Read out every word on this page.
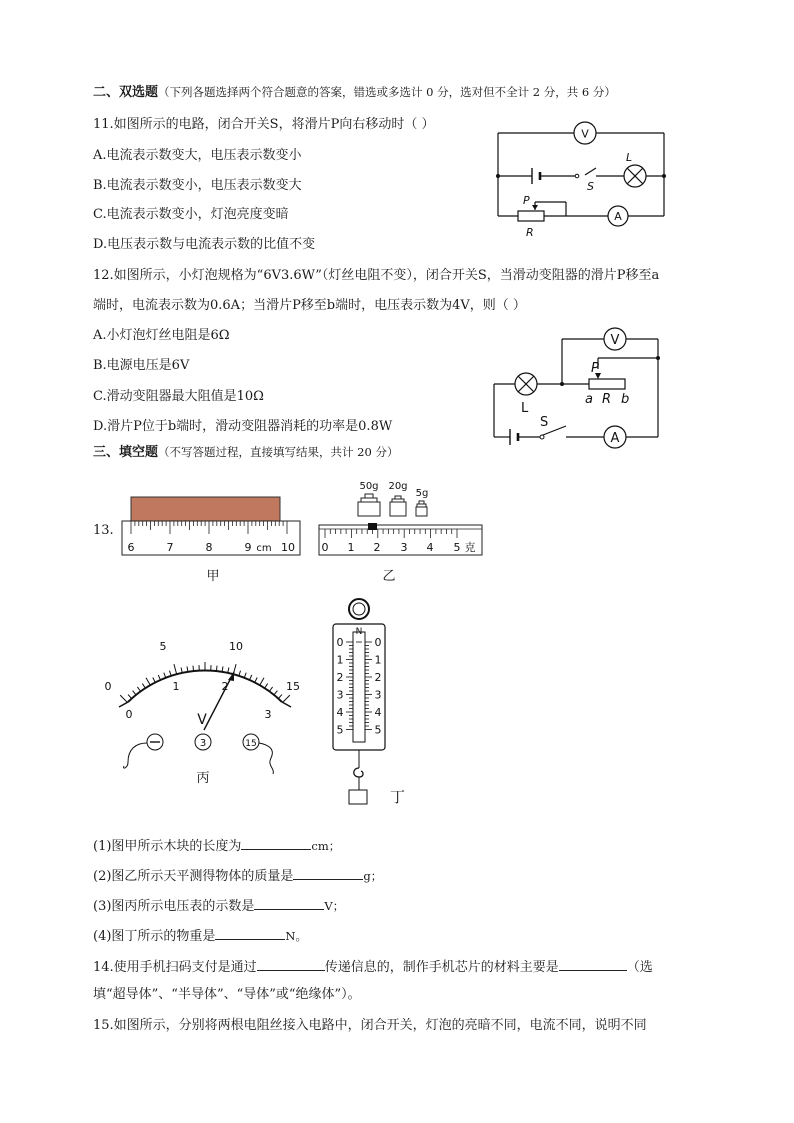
二、双选题（下列各题选择两个符合题意的答案，错选或多选计 0 分，选对但不全计 2 分，共 6 分）
11.如图所示的电路，闭合开关S，将滑片P向右移动时（ ）
A.电流表示数变大，电压表示数变小
B.电流表示数变小，电压表示数变大
C.电流表示数变小，灯泡亮度变暗
D.电压表示数与电流表示数的比值不变
V
A
S
L
P
R
12.如图所示，小灯泡规格为“6V3.6W”（灯丝电阻不变），闭合开关S，当滑动变阻器的滑片P移至a
端时，电流表示数为0.6A；当滑片P移至b端时，电压表示数为4V，则（ ）
A.小灯泡灯丝电阻是6Ω
B.电源电压是6V
C.滑动变阻器最大阻值是10Ω
D.滑片P位于b端时，滑动变阻器消耗的功率是0.8W
V
A
S
L
P
a R b
三、填空题（不写答题过程，直接填写结果，共计 20 分）
13.
6	7	8	9 cm 10
甲
50g 20g
5g
0 1 2 3 4 5 克
乙
0
5	10
15
0
1	2
3
V
3	15
丙
N
0
1
2
3
4
5
0
1
2
3
4
5
丁
(1)图甲所示木块的长度为	cm；
(2)图乙所示天平测得物体的质量是	g；
(3)图丙所示电压表的示数是	V；
(4)图丁所示的物重是	N。
14.使用手机扫码支付是通过	传递信息的，制作手机芯片的材料主要是	（选
填“超导体”、“半导体”、“导体”或“绝缘体”）。
15.如图所示，分别将两根电阻丝接入电路中，闭合开关，灯泡的亮暗不同，电流不同，说明不同
